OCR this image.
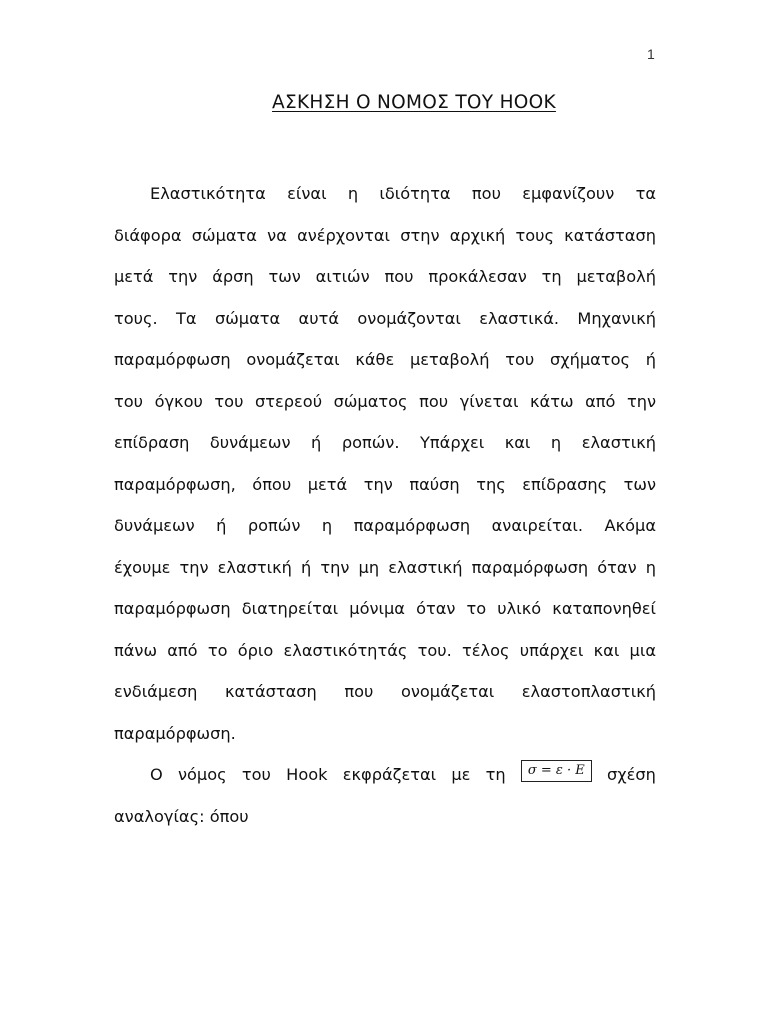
1
ΑΣΚΗΣΗ Ο ΝΟΜΟΣ ΤΟΥ HOOK
Ελαστικότητα είναι η ιδιότητα που εμφανίζουν τα
διάφορα σώματα να ανέρχονται στην αρχική τους κατάσταση
μετά την άρση των αιτιών που προκάλεσαν τη μεταβολή
τους. Τα σώματα αυτά ονομάζονται ελαστικά. Μηχανική
παραμόρφωση ονομάζεται κάθε μεταβολή του σχήματος ή
του όγκου του στερεού σώματος που γίνεται κάτω από την
επίδραση δυνάμεων ή ροπών. Υπάρχει και η ελαστική
παραμόρφωση, όπου μετά την παύση της επίδρασης των
δυνάμεων ή ροπών η παραμόρφωση αναιρείται. Ακόμα
έχουμε την ελαστική ή την μη ελαστική παραμόρφωση όταν η
παραμόρφωση διατηρείται μόνιμα όταν το υλικό καταπονηθεί
πάνω από το όριο ελαστικότητάς του. τέλος υπάρχει και μια
ενδιάμεση κατάσταση που ονομάζεται ελαστοπλαστική
παραμόρφωση.
Ο νόμος του Hook εκφράζεται με τη	σ = ε · Ε	σχέση
αναλογίας: όπου
